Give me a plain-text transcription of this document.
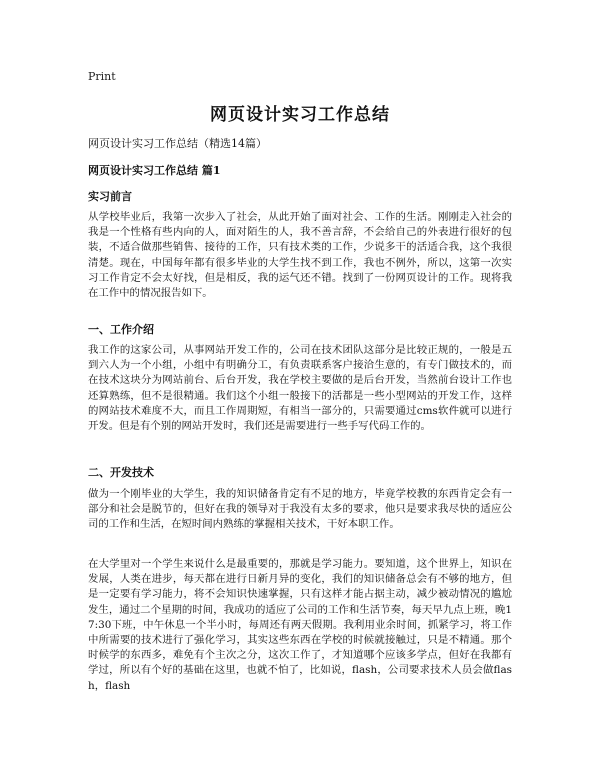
Print
网页设计实习工作总结
网页设计实习工作总结（精选14篇）
网页设计实习工作总结 篇1
实习前言
从学校毕业后，我第一次步入了社会，从此开始了面对社会、工作的生活。刚刚走入社会的我是一个性格有些内向的人，面对陌生的人，我不善言辞，不会给自己的外表进行很好的包装，不适合做那些销售、接待的工作，只有技术类的工作，少说多干的活适合我，这个我很清楚。现在，中国每年都有很多毕业的大学生找不到工作，我也不例外，所以，这第一次实习工作肯定不会太好找，但是相反，我的运气还不错。找到了一份网页设计的工作。现将我在工作中的情况报告如下。
一、工作介绍
我工作的这家公司，从事网站开发工作的，公司在技术团队这部分是比较正规的，一般是五到六人为一个小组，小组中有明确分工，有负责联系客户接洽生意的，有专门做技术的，而在技术这块分为网站前台、后台开发，我在学校主要做的是后台开发，当然前台设计工作也还算熟练，但不是很精通。我们这个小组一般接下的活都是一些小型网站的开发工作，这样的网站技术难度不大，而且工作周期短，有相当一部分的，只需要通过cms软件就可以进行开发。但是有个别的网站开发时，我们还是需要进行一些手写代码工作的。
二、开发技术
做为一个刚毕业的大学生，我的知识储备肯定有不足的地方，毕竟学校教的东西肯定会有一部分和社会是脱节的，但好在我的领导对于我没有太多的要求，他只是要求我尽快的适应公司的工作和生活，在短时间内熟练的掌握相关技术，干好本职工作。
在大学里对一个学生来说什么是最重要的，那就是学习能力。要知道，这个世界上，知识在发展，人类在进步，每天都在进行日新月异的变化，我们的知识储备总会有不够的地方，但是一定要有学习能力，将不会知识快速掌握，只有这样才能占据主动，减少被动情况的尴尬发生，通过二个星期的时间，我成功的适应了公司的工作和生活节奏，每天早九点上班，晚17:30下班，中午休息一个半小时，每周还有两天假期。我利用业余时间，抓紧学习，将工作中所需要的技术进行了强化学习，其实这些东西在学校的时候就接触过，只是不精通。那个时候学的东西多，难免有个主次之分，这次工作了，才知道哪个应该多学点，但好在我都有学过，所以有个好的基础在这里，也就不怕了，比如说，flash，公司要求技术人员会做flash，flash
